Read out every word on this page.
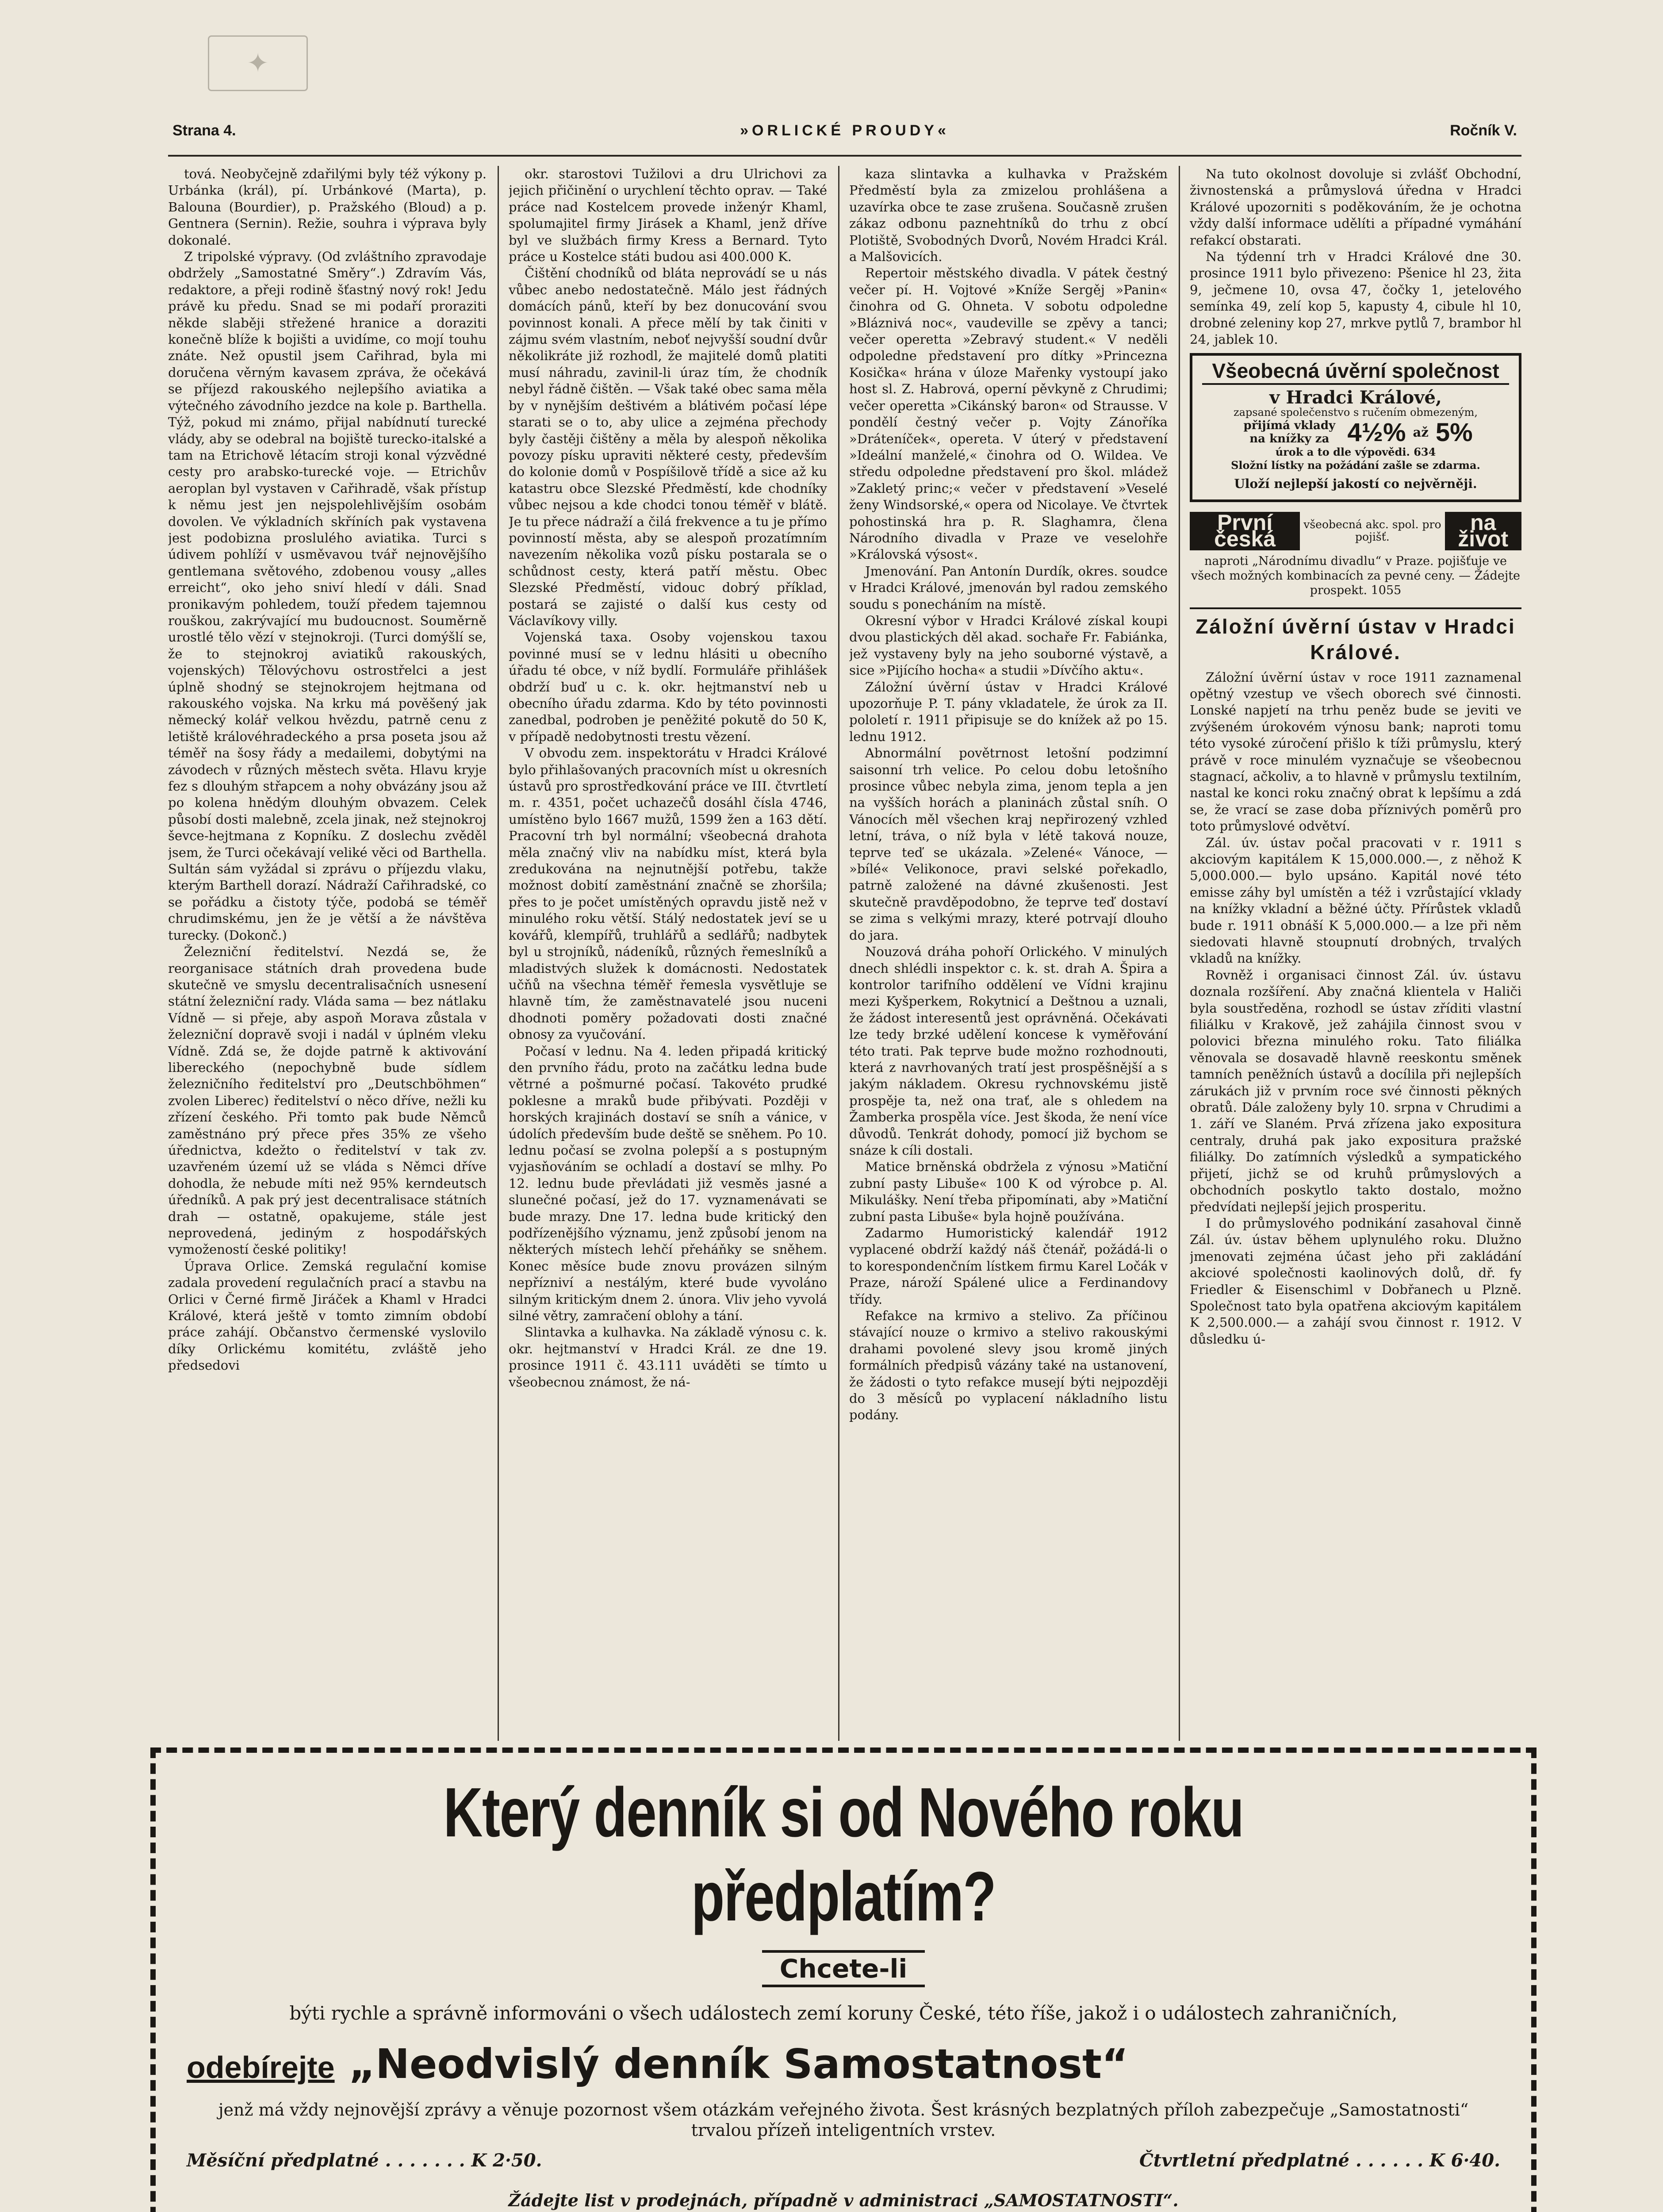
✦
Strana 4.	»ORLICKÉ PROUDY«	Ročník V.

tová. Neobyčejně zdařilými byly též výkony p. Urbánka (král), pí. Urbánkové (Marta), p. Balouna (Bourdier), p. Pražského (Bloud) a p. Gentnera (Sernin). Režie, souhra i výprava byly dokonalé.

Z tripolské výpravy. (Od zvláštního zpravodaje obdržely „Samostatné Směry“.) Zdravím Vás, redaktore, a přeji rodině šťastný nový rok! Jedu právě ku předu. Snad se mi podaří proraziti někde slaběji střežené hranice a doraziti konečně blíže k bojišti a uvidíme, co mojí touhu znáte. Než opustil jsem Cařihrad, byla mi doručena věrným kavasem zpráva, že očekává se příjezd rakouského nejlepšího aviatika a výtečného závodního jezdce na kole p. Barthella. Týž, pokud mi známo, přijal nabídnutí turecké vlády, aby se odebral na bojiště turecko-italské a tam na Etrichově létacím stroji konal výzvědné cesty pro arabsko-turecké voje. — Etrichův aeroplan byl vystaven v Cařihradě, však přístup k němu jest jen nejspolehlivějším osobám dovolen. Ve výkladních skříních pak vystavena jest podobizna proslulého aviatika. Turci s údivem pohlíží v usměvavou tvář nejnovějšího gentlemana světového, zdobenou vousy „alles erreicht“, oko jeho sniví hledí v dáli. Snad pronikavým pohledem, touží předem tajemnou rouškou, zakrývající mu budoucnost. Souměrně urostlé tělo vězí v stejnokroji. (Turci domýšlí se, že to stejnokroj aviatiků rakouských, vojenských) Tělovýchovu ostrostřelci a jest úplně shodný se stejnokrojem hejtmana od rakouského vojska. Na krku má pověšený jak německý kolář velkou hvězdu, patrně cenu z letiště královéhradeckého a prsa poseta jsou až téměř na šosy řády a medailemi, dobytými na závodech v různých městech světa. Hlavu kryje fez s dlouhým střapcem a nohy obvázány jsou až po kolena hnědým dlouhým obvazem. Celek působí dosti malebně, zcela jinak, než stejnokroj ševce-hejtmana z Kopníku. Z doslechu zvěděl jsem, že Turci očekávají veliké věci od Barthella. Sultán sám vyžádal si zprávu o příjezdu vlaku, kterým Barthell dorazí. Nádraží Cařihradské, co se pořádku a čistoty týče, podobá se téměř chrudimskému, jen že je větší a že návštěva turecky. (Dokonč.)

Železniční ředitelství. Nezdá se, že reorganisace státních drah provedena bude skutečně ve smyslu decentralisačních usnesení státní železniční rady. Vláda sama — bez nátlaku Vídně — si přeje, aby aspoň Morava zůstala v železniční dopravě svoji i nadál v úplném vleku Vídně. Zdá se, že dojde patrně k aktivování libereckého (nepochybně bude sídlem železničního ředitelství pro „Deutschböhmen“ zvolen Liberec) ředitelství o něco dříve, nežli ku zřízení českého. Při tomto pak bude Němců zaměstnáno prý přece přes 35% ze všeho úřednictva, kdežto o ředitelství v tak zv. uzavřeném území už se vláda s Němci dříve dohodla, že nebude míti než 95% kerndeutsch úředníků. A pak prý jest decentralisace státních drah — ostatně, opakujeme, stále jest neprovedená, jediným z hospodářských vymožeností české politiky!

Úprava Orlice. Zemská regulační komise zadala provedení regulačních prací a stavbu na Orlici v Černé firmě Jiráček a Khaml v Hradci Králové, která ještě v tomto zimním období práce zahájí. Občanstvo čermenské vyslovilo díky Orlickému komitétu, zvláště jeho předsedovi

okr. starostovi Tužilovi a dru Ulrichovi za jejich přičinění o urychlení těchto oprav. — Také práce nad Kostelcem provede inženýr Khaml, spolumajitel firmy Jirásek a Khaml, jenž dříve byl ve službách firmy Kress a Bernard. Tyto práce u Kostelce státi budou asi 400.000 K.

Čištění chodníků od bláta neprovádí se u nás vůbec anebo nedostatečně. Málo jest řádných domácích pánů, kteří by bez donucování svou povinnost konali. A přece mělí by tak činiti v zájmu svém vlastním, neboť nejvyšší soudní dvůr několikráte již rozhodl, že majitelé domů platiti musí náhradu, zavinil-li úraz tím, že chodník nebyl řádně čištěn. — Však také obec sama měla by v nynějším deštivém a blátivém počasí lépe starati se o to, aby ulice a zejména přechody byly častěji čištěny a měla by alespoň několika povozy písku upraviti některé cesty, především do kolonie domů v Pospíšilově třídě a sice až ku katastru obce Slezské Předměstí, kde chodníky vůbec nejsou a kde chodci tonou téměř v blátě. Je tu přece nádraží a čilá frekvence a tu je přímo povinností města, aby se alespoň prozatímním navezením několika vozů písku postarala se o schůdnost cesty, která patří městu. Obec Slezské Předměstí, vidouc dobrý příklad, postará se zajisté o další kus cesty od Václavíkovy villy.

Vojenská taxa. Osoby vojenskou taxou povinné musí se v lednu hlásiti u obecního úřadu té obce, v níž bydlí. Formuláře přihlášek obdrží buď u c. k. okr. hejtmanství neb u obecního úřadu zdarma. Kdo by této povinnosti zanedbal, podroben je peněžité pokutě do 50 K, v případě nedobytnosti trestu vězení.

V obvodu zem. inspektorátu v Hradci Králové bylo přihlašovaných pracovních míst u okresních ústavů pro sprostředkování práce ve III. čtvrtletí m. r. 4351, počet uchazečů dosáhl čísla 4746, umístěno bylo 1667 mužů, 1599 žen a 163 dětí. Pracovní trh byl normální; všeobecná drahota měla značný vliv na nabídku míst, která byla zredukována na nejnutnější potřebu, takže možnost dobití zaměstnání značně se zhoršila; přes to je počet umístěných opravdu jistě než v minulého roku větší. Stálý nedostatek jeví se u kovářů, klempířů, truhlářů a sedlářů; nadbytek byl u strojníků, nádeníků, různých řemeslníků a mladistvých služek k domácnosti. Nedostatek učňů na všechna téměř řemesla vysvětluje se hlavně tím, že zaměstnavatelé jsou nuceni dhodnoti poměry požadovati dosti značné obnosy za vyučování.

Počasí v lednu. Na 4. leden připadá kritický den prvního řádu, proto na začátku ledna bude větrné a pošmurné počasí. Takovéto prudké poklesne a mraků bude přibývati. Později v horských krajinách dostaví se sníh a vánice, v údolích především bude deště se sněhem. Po 10. lednu počasí se zvolna polepší a s postupným vyjasňováním se ochladí a dostaví se mlhy. Po 12. lednu bude převládati již vesměs jasné a slunečné počasí, jež do 17. vyznamenávati se bude mrazy. Dne 17. ledna bude kritický den podřízenějšího významu, jenž způsobí jenom na některých místech lehčí přeháňky se sněhem. Konec měsíce bude znovu provázen silným nepřízniví a nestálým, které bude vyvoláno silným kritickým dnem 2. února. Vliv jeho vyvolá silné větry, zamračení oblohy a tání.

Slintavka a kulhavka. Na základě výnosu c. k. okr. hejtmanství v Hradci Král. ze dne 19. prosince 1911 č. 43.111 uváděti se tímto u všeobecnou známost, že ná-

kaza slintavka a kulhavka v Pražském Předměstí byla za zmizelou prohlášena a uzavírka obce te zase zrušena. Současně zrušen zákaz odbonu paznehtníků do trhu z obcí Plotiště, Svobodných Dvorů, Novém Hradci Král. a Malšovicích.

Repertoir městského divadla. V pátek čestný večer pí. H. Vojtové »Kníže Sergěj »Panin« činohra od G. Ohneta. V sobotu odpoledne »Bláznivá noc«, vaudeville se zpěvy a tanci; večer operetta »Zebravý student.« V neděli odpoledne představení pro dítky »Princezna Kosička« hrána v úloze Mařenky vystoupí jako host sl. Z. Habrová, operní pěvkyně z Chrudimi; večer operetta »Cikánský baron« od Strausse. V pondělí čestný večer p. Vojty Zánoříka »Dráteníček«, opereta. V úterý v představení »Ideální manželé,« činohra od O. Wildea. Ve středu odpoledne představení pro škol. mládež »Zakletý princ;« večer v představení »Veselé ženy Windsorské,« opera od Nicolaye. Ve čtvrtek pohostinská hra p. R. Slaghamra, člena Národního divadla v Praze ve veselohře »Královská výsost«.

Jmenování. Pan Antonín Durdík, okres. soudce v Hradci Králové, jmenován byl radou zemského soudu s ponecháním na místě.

Okresní výbor v Hradci Králové získal koupi dvou plastických děl akad. sochaře Fr. Fabiánka, jež vystaveny byly na jeho souborné výstavě, a sice »Pijícího hocha« a studii »Dívčího aktu«.

Záložní úvěrní ústav v Hradci Králové upozorňuje P. T. pány vkladatele, že úrok za II. pololetí r. 1911 připisuje se do knížek až po 15. lednu 1912.

Abnormální povětrnost letošní podzimní saisonní trh velice. Po celou dobu letošního prosince vůbec nebyla zima, jenom tepla a jen na vyšších horách a planinách zůstal sníh. O Vánocích měl všechen kraj nepřirozený vzhled letní, tráva, o níž byla v létě taková nouze, teprve teď se ukázala. »Zelené« Vánoce, — »bílé« Velikonoce, pravi selské pořekadlo, patrně založené na dávné zkušenosti. Jest skutečně pravděpodobno, že teprve teď dostaví se zima s velkými mrazy, které potrvají dlouho do jara.

Nouzová dráha pohoří Orlického. V minulých dnech shlédli inspektor c. k. st. drah A. Špira a kontrolor tarifního oddělení ve Vídni krajinu mezi Kyšperkem, Rokytnicí a Deštnou a uznali, že žádost interesentů jest oprávněná. Očekávati lze tedy brzké udělení koncese k vyměřování této trati. Pak teprve bude možno rozhodnouti, která z navrhovaných tratí jest prospěšnější a s jakým nákladem. Okresu rychnovskému jistě prospěje ta, než ona trať, ale s ohledem na Žamberka prospěla více. Jest škoda, že není více důvodů. Tenkrát dohody, pomocí již bychom se snáze k cíli dostali.

Matice brněnská obdržela z výnosu »Matiční zubní pasty Libuše« 100 K od výrobce p. Al. Mikulášky. Není třeba připomínati, aby »Matiční zubní pasta Libuše« byla hojně používána.

Zadarmo Humoristický kalendář 1912 vyplacené obdrží každý náš čtenář, požádá-li o to korespondenčním lístkem firmu Karel Ločák v Praze, nároží Spálené ulice a Ferdinandovy třídy.

Refakce na krmivo a stelivo. Za příčinou stávající nouze o krmivo a stelivo rakouskými drahami povolené slevy jsou kromě jiných formálních předpisů vázány také na ustanovení, že žádosti o tyto refakce musejí býti nejpozději do 3 měsíců po vyplacení nákladního listu podány.

Na tuto okolnost dovoluje si zvlášť Obchodní, živnostenská a průmyslová úředna v Hradci Králové upozorniti s poděkováním, že je ochotna vždy další informace udělíti a případné vymáhání refakcí obstarati.

Na týdenní trh v Hradci Králové dne 30. prosince 1911 bylo přivezeno: Pšenice hl 23, žita 9, ječmene 10, ovsa 47, čočky 1, jetelového semínka 49, zelí kop 5, kapusty 4, cibule hl 10, drobné zeleniny kop 27, mrkve pytlů 7, brambor hl 24, jablek 10.

Všeobecná úvěrní společnost
v Hradci Králové,
zapsané společenstvo s ručením obmezeným,
přijímá vklady na knížky za 4½% až 5%
úrok a to dle výpovědi. 634
Složní lístky na požádání zašle se zdarma.
Uloží nejlepší jakostí co nejvěrněji.
První česká
všeobecná akc. spol. pro pojišť.
na život
naproti „Národnímu divadlu“ v Praze. pojišťuje ve všech možných kombinacích za pevné ceny. — Žádejte prospekt. 1055
Záložní úvěrní ústav v Hradci Králové.

Záložní úvěrní ústav v roce 1911 zaznamenal opětný vzestup ve všech oborech své činnosti. Lonské napjetí na trhu peněz bude se jeviti ve zvýšeném úrokovém výnosu bank; naproti tomu této vysoké zúročení přišlo k tíži průmyslu, který právě v roce minulém vyznačuje se všeobecnou stagnací, ačkoliv, a to hlavně v průmyslu textilním, nastal ke konci roku značný obrat k lepšímu a zdá se, že vrací se zase doba příznivých poměrů pro toto průmyslové odvětví.

Zál. úv. ústav počal pracovati v r. 1911 s akciovým kapitálem K 15,000.000.—, z něhož K 5,000.000.— bylo upsáno. Kapitál nové této emisse záhy byl umístěn a též i vzrůstající vklady na knížky vkladní a běžné účty. Přírůstek vkladů bude r. 1911 obnáší K 5,000.000.— a lze při něm siedovati hlavně stoupnutí drobných, trvalých vkladů na knížky.

Rovněž i organisaci činnost Zál. úv. ústavu doznala rozšíření. Aby značná klientela v Haliči byla soustředěna, rozhodl se ústav zříditi vlastní filiálku v Krakově, jež zahájila činnost svou v polovici března minulého roku. Tato filiálka věnovala se dosavadě hlavně reeskontu směnek tamních peněžních ústavů a docílila při nejlepších zárukách již v prvním roce své činnosti pěkných obratů. Dále založeny byly 10. srpna v Chrudimi a 1. září ve Slaném. Prvá zřízena jako expositura centraly, druhá pak jako expositura pražské filiálky. Do zatímních výsledků a sympatického přijetí, jichž se od kruhů průmyslových a obchodních poskytlo takto dostalo, možno předvídati nejlepší jejich prosperitu.

I do průmyslového podnikání zasahoval činně Zál. úv. ústav během uplynulého roku. Dlužno jmenovati zejména účast jeho při zakládání akciové společnosti kaolinových dolů, dř. fy Friedler & Eisenschiml v Dobřanech u Plzně. Společnost tato byla opatřena akciovým kapitálem K 2,500.000.— a zahájí svou činnost r. 1912. V důsledku ú-

Který denník si od Nového roku předplatím?
Chcete-li
býti rychle a správně informováni o všech událostech zemí koruny České, této říše, jakož i o událostech zahraničních,
odebírejte „Neodvislý denník Samostatnost“
jenž má vždy nejnovější zprávy a věnuje pozornost všem otázkám veřejného života. Šest krásných bezplatných příloh zabezpečuje „Samostatnosti“ trvalou přízeň inteligentních vrstev.
Měsíční předplatné . . . . . . . K 2·50.	Čtvrtletní předplatné . . . . . . K 6·40.
Žádejte list v prodejnách, případně v administraci „SAMOSTATNOSTI“.
